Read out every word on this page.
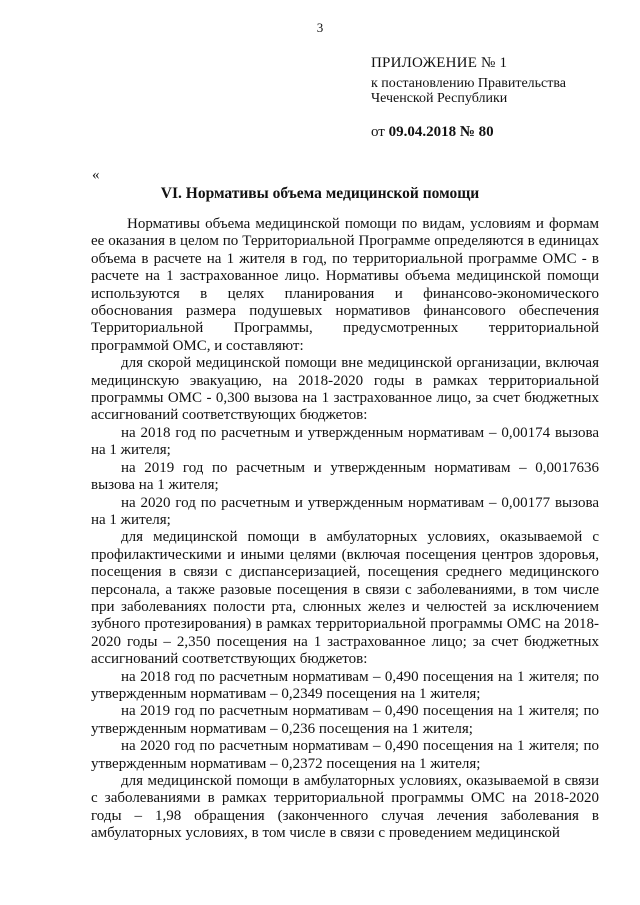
3
ПРИЛОЖЕНИЕ № 1
к постановлению Правительства
Чеченской Республики
от 09.04.2018 № 80
«
VI. Нормативы объема медицинской помощи

Нормативы объема медицинской помощи по видам, условиям и формам ее оказания в целом по Территориальной Программе определяются в единицах объема в расчете на 1 жителя в год, по территориальной программе ОМС - в расчете на 1 застрахованное лицо. Нормативы объема медицинской помощи используются в целях планирования и финансово-экономического обоснования размера подушевых нормативов финансового обеспечения Территориальной Программы, предусмотренных территориальной программой ОМС, и составляют:

для скорой медицинской помощи вне медицинской организации, включая медицинскую эвакуацию, на 2018-2020 годы в рамках территориальной программы ОМС - 0,300 вызова на 1 застрахованное лицо, за счет бюджетных ассигнований соответствующих бюджетов:

на 2018 год по расчетным и утвержденным нормативам – 0,00174 вызова на 1 жителя;

на 2019 год по расчетным и утвержденным нормативам – 0,0017636 вызова на 1 жителя;

на 2020 год по расчетным и утвержденным нормативам – 0,00177 вызова на 1 жителя;

для медицинской помощи в амбулаторных условиях, оказываемой с профилактическими и иными целями (включая посещения центров здоровья, посещения в связи с диспансеризацией, посещения среднего медицинского персонала, а также разовые посещения в связи с заболеваниями, в том числе при заболеваниях полости рта, слюнных желез и челюстей за исключением зубного протезирования) в рамках территориальной программы ОМС на 2018-2020 годы – 2,350 посещения на 1 застрахованное лицо; за счет бюджетных ассигнований соответствующих бюджетов:

на 2018 год по расчетным нормативам – 0,490 посещения на 1 жителя; по утвержденным нормативам – 0,2349 посещения на 1 жителя;

на 2019 год по расчетным нормативам – 0,490 посещения на 1 жителя; по утвержденным нормативам – 0,236 посещения на 1 жителя;

на 2020 год по расчетным нормативам – 0,490 посещения на 1 жителя; по утвержденным нормативам – 0,2372 посещения на 1 жителя;

для медицинской помощи в амбулаторных условиях, оказываемой в связи с заболеваниями в рамках территориальной программы ОМС на 2018-2020 годы – 1,98 обращения (законченного случая лечения заболевания в амбулаторных условиях, в том числе в связи с проведением медицинской
